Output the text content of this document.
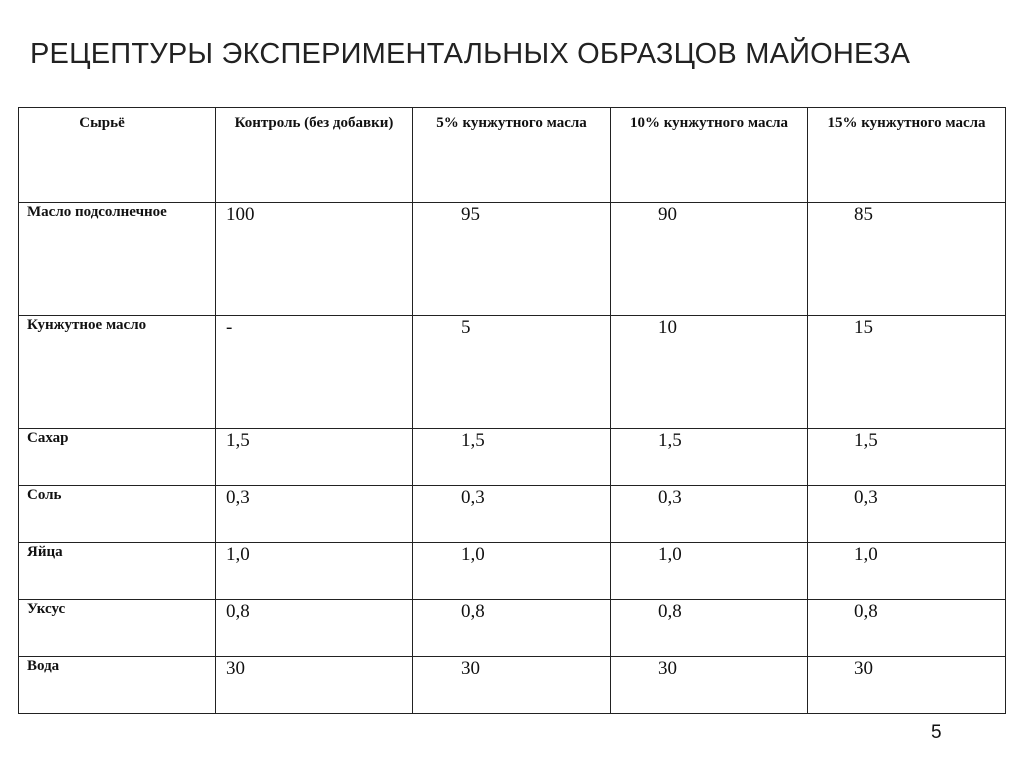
РЕЦЕПТУРЫ ЭКСПЕРИМЕНТАЛЬНЫХ ОБРАЗЦОВ МАЙОНЕЗА
Сырьё	Контроль (без добавки)	5% кунжутного масла	10% кунжутного масла	15% кунжутного масла

Масло подсолнечное	100	95	90	85

Кунжутное масло	-	5	10	15

Сахар	1,5	1,5	1,5	1,5

Соль	0,3	0,3	0,3	0,3

Яйца	1,0	1,0	1,0	1,0

Уксус	0,8	0,8	0,8	0,8

Вода	30	30	30	30
5
